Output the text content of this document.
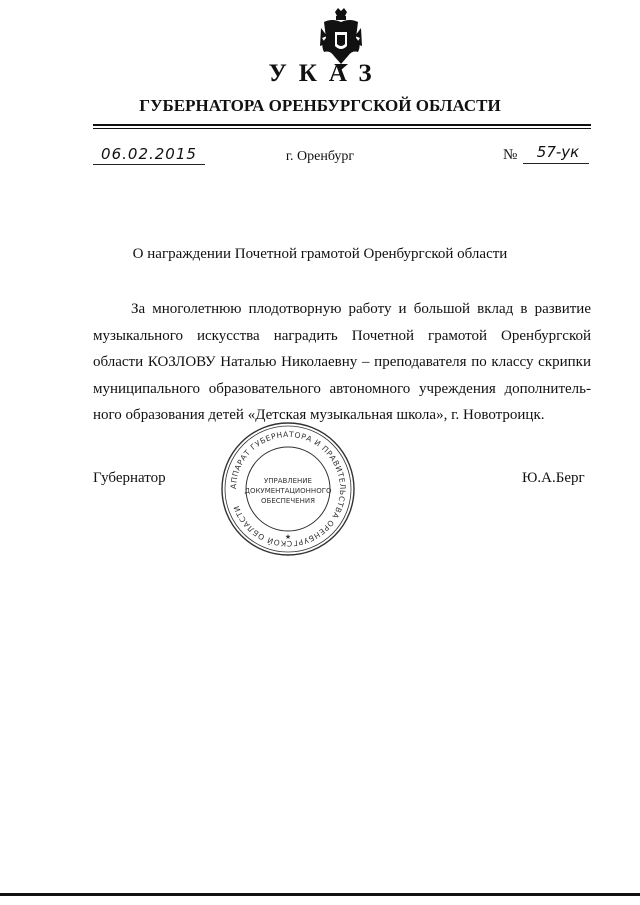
УКАЗ
ГУБЕРНАТОРА ОРЕНБУРГСКОЙ ОБЛАСТИ
06.02.2015	г. Оренбург	№	57-ук
О награждении Почетной грамотой Оренбургской области

За многолетнюю плодотворную работу и большой вклад в развитие музыкального искусства наградить Почетной грамотой Оренбургской области КОЗЛОВУ Наталью Николаевну – преподавателя по классу скрипки муниципального образовательного автономного учреждения дополнительного образования детей «Детская музыкальная школа», г. Новотроицк.

Губернатор	Ю.А.Берг
АППАРАТ ГУБЕРНАТОРА И ПРАВИТЕЛЬСТВА ОРЕНБУРГСКОЙ ОБЛАСТИ
★
УПРАВЛЕНИЕ
ДОКУМЕНТАЦИОННОГО
ОБЕСПЕЧЕНИЯ
